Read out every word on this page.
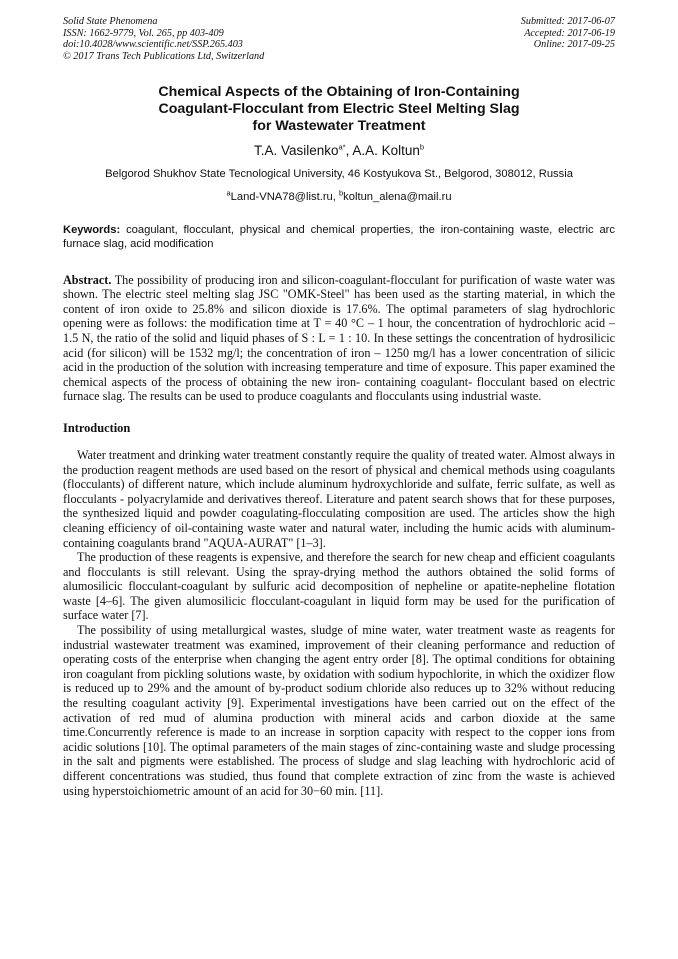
Solid State Phenomena
ISSN: 1662-9779, Vol. 265, pp 403-409
doi:10.4028/www.scientific.net/SSP.265.403
© 2017 Trans Tech Publications Ltd, Switzerland
Submitted: 2017-06-07
Accepted: 2017-06-19
Online: 2017-09-25
Chemical Aspects of the Obtaining of Iron-Containing
Coagulant-Flocculant from Electric Steel Melting Slag
for Wastewater Treatment
T.A. Vasilenko$^{a*}$, A.A. Koltun$^b$
Belgorod Shukhov State Tecnological University, 46 Kostyukova St., Belgorod, 308012, Russia
$^a$Land-VNA78@list.ru, $^b$koltun_alena@mail.ru
Keywords: coagulant, flocculant, physical and chemical properties, the iron-containing waste, electric arc furnace slag, acid modification
Abstract. The possibility of producing iron and silicon-coagulant-flocculant for purification of waste water was shown. The electric steel melting slag JSC "OMK-Steel" has been used as the starting material, in which the content of iron oxide to 25.8% and silicon dioxide is 17.6%. The optimal parameters of slag hydrochloric opening were as follows: the modification time at T = 40 °C – 1 hour, the concentration of hydrochloric acid – 1.5 N, the ratio of the solid and liquid phases of S : L = 1 : 10. In these settings the concentration of hydrosilicic acid (for silicon) will be 1532 mg/l; the concentration of iron – 1250 mg/l has a lower concentration of silicic acid in the production of the solution with increasing temperature and time of exposure. This paper examined the chemical aspects of the process of obtaining the new iron- containing coagulant- flocculant based on electric furnace slag. The results can be used to produce coagulants and flocculants using industrial waste.
Introduction

Water treatment and drinking water treatment constantly require the quality of treated water. Almost always in the production reagent methods are used based on the resort of physical and chemical methods using coagulants (flocculants) of different nature, which include aluminum hydroxychloride and sulfate, ferric sulfate, as well as flocculants - polyacrylamide and derivatives thereof. Literature and patent search shows that for these purposes, the synthesized liquid and powder coagulating-flocculating composition are used. The articles show the high cleaning efficiency of oil-containing waste water and natural water, including the humic acids with aluminum-containing coagulants brand "AQUA-AURAT" [1–3].

The production of these reagents is expensive, and therefore the search for new cheap and efficient coagulants and flocculants is still relevant. Using the spray-drying method the authors obtained the solid forms of alumosilicic flocculant-coagulant by sulfuric acid decomposition of nepheline or apatite-nepheline flotation waste [4–6]. The given alumosilicic flocculant-coagulant in liquid form may be used for the purification of surface water [7].

The possibility of using metallurgical wastes, sludge of mine water, water treatment waste as reagents for industrial wastewater treatment was examined, improvement of their cleaning performance and reduction of operating costs of the enterprise when changing the agent entry order [8]. The optimal conditions for obtaining iron coagulant from pickling solutions waste, by oxidation with sodium hypochlorite, in which the oxidizer flow is reduced up to 29% and the amount of by-product sodium chloride also reduces up to 32% without reducing the resulting coagulant activity [9]. Experimental investigations have been carried out on the effect of the activation of red mud of alumina production with mineral acids and carbon dioxide at the same time.Concurrently reference is made to an increase in sorption capacity with respect to the copper ions from acidic solutions [10]. The optimal parameters of the main stages of zinc-containing waste and sludge processing in the salt and pigments were established. The process of sludge and slag leaching with hydrochloric acid of different concentrations was studied, thus found that complete extraction of zinc from the waste is achieved using hyperstoichiometric amount of an acid for 30−60 min. [11].
